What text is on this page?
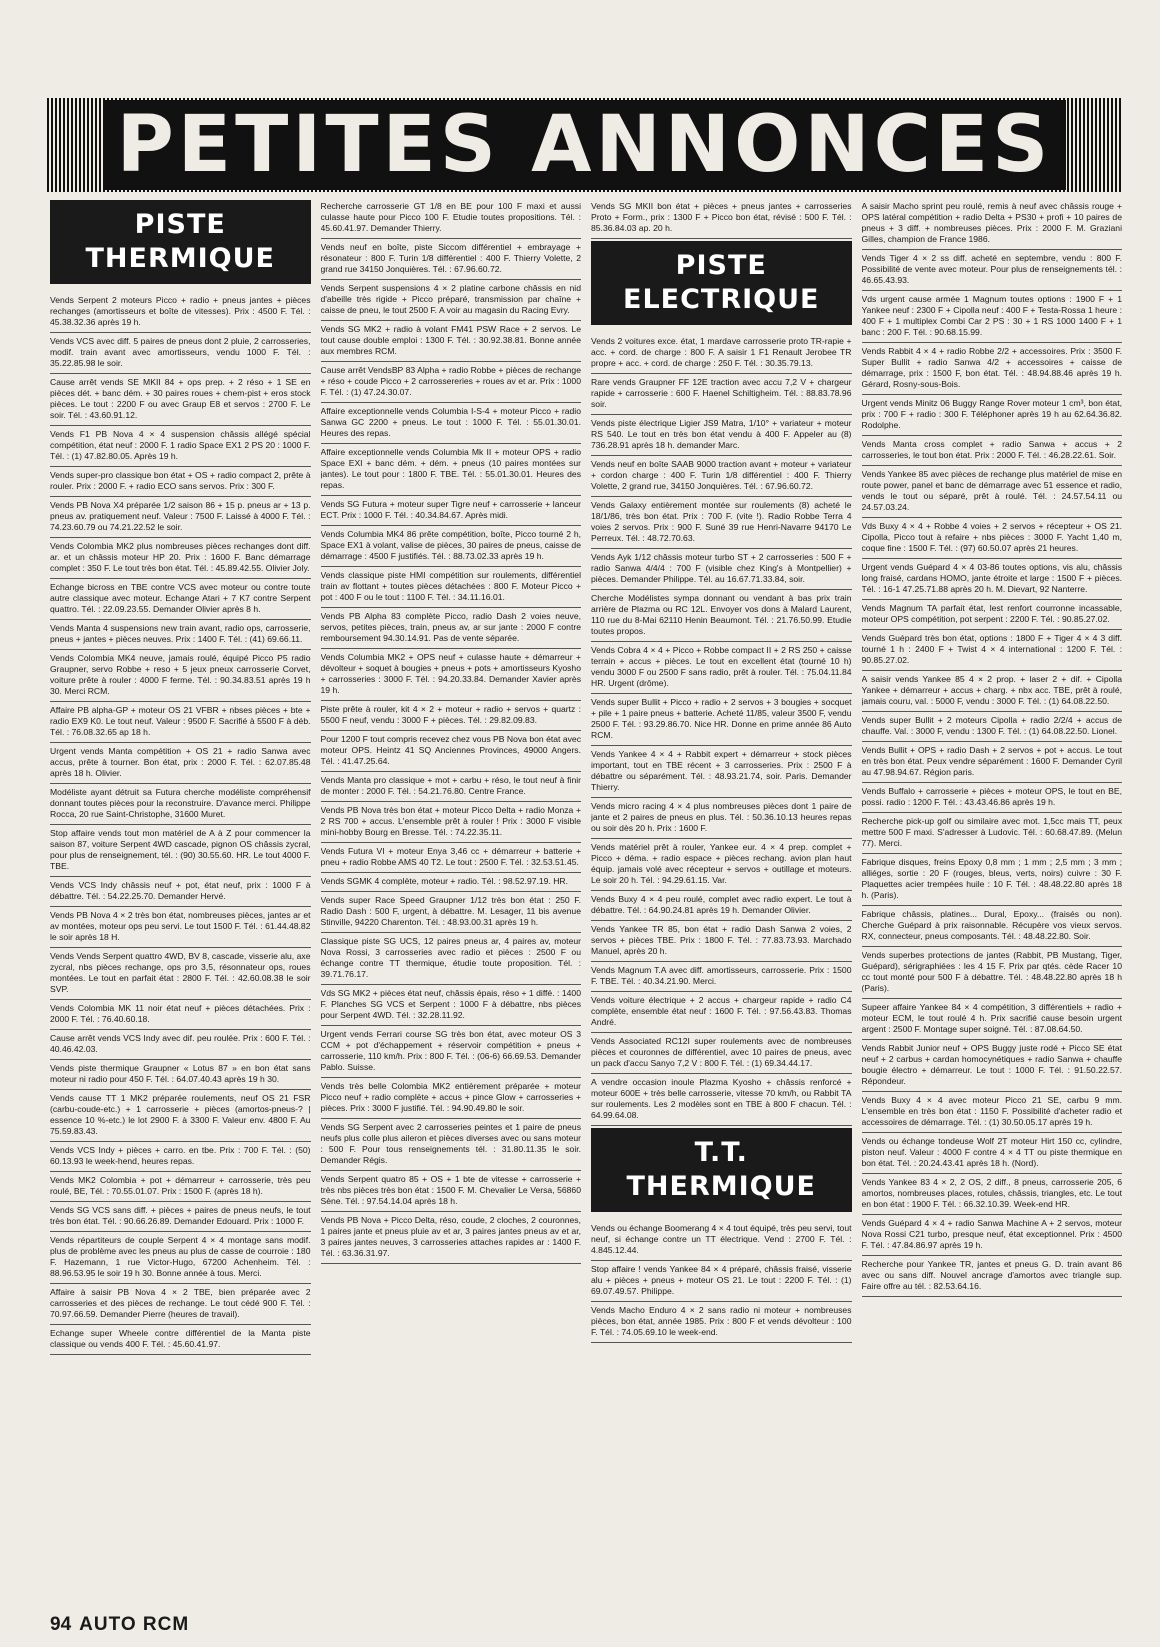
PETITES ANNONCES
PISTE THERMIQUE
Vends Serpent 2 moteurs Picco + radio + pneus jantes + pièces rechanges (amortisseurs et boîte de vitesses). Prix : 4500 F. Tél. : 45.38.32.36 après 19 h.
Vends VCS avec diff. 5 paires de pneus dont 2 pluie, 2 carrosseries, modif. train avant avec amortisseurs, vendu 1000 F. Tél. : 35.22.85.98 le soir.
Cause arrêt vends SE MKII 84 + ops prep. + 2 réso + 1 SE en pièces dét. + banc dém. + 30 paires roues + chem-pist + eros stock pièces. Le tout : 2200 F ou avec Graup E8 et servos : 2700 F. Le soir. Tél. : 43.60.91.12.
Vends F1 PB Nova 4 × 4 suspension châssis allégé spécial compétition, état neuf : 2000 F. 1 radio Space EX1 2 PS 20 : 1000 F. Tél. : (1) 47.82.80.05. Après 19 h.
Vends super-pro classique bon état + OS + radio compact 2, prête à rouler. Prix : 2000 F. + radio ECO sans servos. Prix : 300 F.
Vends PB Nova X4 préparée 1/2 saison 86 + 15 p. pneus ar + 13 p. pneus av. pratiquement neuf. Valeur : 7500 F. Laissé à 4000 F. Tél. : 74.23.60.79 ou 74.21.22.52 le soir.
Vends Colombia MK2 plus nombreuses pièces rechanges dont diff. ar. et un châssis moteur HP 20. Prix : 1600 F. Banc démarrage complet : 350 F. Le tout très bon état. Tél. : 45.89.42.55. Olivier Joly.
Echange bicross en TBE contre VCS avec moteur ou contre toute autre classique avec moteur. Echange Atari + 7 K7 contre Serpent quattro. Tél. : 22.09.23.55. Demander Olivier après 8 h.
Vends Manta 4 suspensions new train avant, radio ops, carrosserie, pneus + jantes + pièces neuves. Prix : 1400 F. Tél. : (41) 69.66.11.
Vends Colombia MK4 neuve, jamais roulé, équipé Picco P5 radio Graupner, servo Robbe + reso + 5 jeux pneux carrosserie Corvet, voiture prête à rouler : 4000 F ferme. Tél. : 90.34.83.51 après 19 h 30. Merci RCM.
Affaire PB alpha-GP + moteur OS 21 VFBR + nbses pièces + bte + radio EX9 K0. Le tout neuf. Valeur : 9500 F. Sacrifié à 5500 F à déb. Tél. : 76.08.32.65 ap 18 h.
Urgent vends Manta compétition + OS 21 + radio Sanwa avec accus, prête à tourner. Bon état, prix : 2000 F. Tél. : 62.07.85.48 après 18 h. Olivier.
Modéliste ayant détruit sa Futura cherche modéliste compréhensif donnant toutes pièces pour la reconstruire. D'avance merci. Philippe Rocca, 20 rue Saint-Christophe, 31600 Muret.
Stop affaire vends tout mon matériel de A à Z pour commencer la saison 87, voiture Serpent 4WD cascade, pignon OS châssis zycral, pour plus de renseignement, tél. : (90) 30.55.60. HR. Le tout 4000 F. TBE.
Vends VCS Indy châssis neuf + pot, état neuf, prix : 1000 F à débattre. Tél. : 54.22.25.70. Demander Hervé.
Vends PB Nova 4 × 2 très bon état, nombreuses pièces, jantes ar et av montées, moteur ops peu servi. Le tout 1500 F. Tél. : 61.44.48.82 le soir après 18 H.
Vends Vends Serpent quattro 4WD, BV 8, cascade, visserie alu, axe zycral, nbs pièces rechange, ops pro 3,5, résonnateur ops, roues montées. Le tout en parfait état : 2800 F. Tél. : 42.60.08.38 le soir SVP.
Vends Colombia MK 11 noir état neuf + pièces détachées. Prix : 2000 F. Tél. : 76.40.60.18.
Cause arrêt vends VCS Indy avec dif. peu roulée. Prix : 600 F. Tél. : 40.46.42.03.
Vends piste thermique Graupner « Lotus 87 » en bon état sans moteur ni radio pour 450 F. Tél. : 64.07.40.43 après 19 h 30.
Vends cause TT 1 MK2 préparée roulements, neuf OS 21 FSR (carbu-coude-etc.) + 1 carrosserie + pièces (amortos-pneus-? | essence 10 %-etc.) le lot 2900 F. à 3300 F. Valeur env. 4800 F. Au 75.59.83.43.
Vends VCS Indy + pièces + carro. en tbe. Prix : 700 F. Tél. : (50) 60.13.93 le week-hend, heures repas.
Vends MK2 Colombia + pot + démarreur + carrosserie, très peu roulé, BE, Tél. : 70.55.01.07. Prix : 1500 F. (après 18 h).
Vends SG VCS sans diff. + pièces + paires de pneus neufs, le tout très bon état. Tél. : 90.66.26.89. Demander Edouard. Prix : 1000 F.
Vends répartiteurs de couple Serpent 4 × 4 montage sans modif. plus de problème avec les pneus au plus de casse de courroie : 180 F. Hazemann, 1 rue Victor-Hugo, 67200 Achenheim. Tél. : 88.96.53.95 le soir 19 h 30. Bonne année à tous. Merci.
Affaire à saisir PB Nova 4 × 2 TBE, bien préparée avec 2 carrosseries et des pièces de rechange. Le tout cédé 900 F. Tél. : 70.97.66.59. Demander Pierre (heures de travail).
Echange super Wheele contre différentiel de la Manta piste classique ou vends 400 F. Tél. : 45.60.41.97.
Recherche carrosserie GT 1/8 en BE pour 100 F maxi et aussi culasse haute pour Picco 100 F. Etudie toutes propositions. Tél. : 45.60.41.97. Demander Thierry.
Vends neuf en boîte, piste Siccom différentiel + embrayage + résonateur : 800 F. Turin 1/8 différentiel : 400 F. Thierry Volette, 2 grand rue 34150 Jonquières. Tél. : 67.96.60.72.
Vends Serpent suspensions 4 × 2 platine carbone châssis en nid d'abeille très rigide + Picco préparé, transmission par chaîne + caisse de pneu, le tout 2500 F. A voir au magasin du Racing Evry.
Vends SG MK2 + radio à volant FM41 PSW Race + 2 servos. Le tout cause double emploi : 1300 F. Tél. : 30.92.38.81. Bonne année aux membres RCM.
Cause arrêt VendsBP 83 Alpha + radio Robbe + pièces de rechange + réso + coude Picco + 2 carrossereries + roues av et ar. Prix : 1000 F. Tél. : (1) 47.24.30.07.
Affaire exceptionnelle vends Columbia I-S-4 + moteur Picco + radio Sanwa GC 2200 + pneus. Le tout : 1000 F. Tél. : 55.01.30.01. Heures des repas.
Affaire exceptionnelle vends Columbia Mk II + moteur OPS + radio Space EXI + banc dém. + dém. + pneus (10 paires montées sur jantes). Le tout pour : 1800 F. TBE. Tél. : 55.01.30.01. Heures des repas.
Vends SG Futura + moteur super Tigre neuf + carrosserie + lanceur ECT. Prix : 1000 F. Tél. : 40.34.84.67. Après midi.
Vends Columbia MK4 86 prête compétition, boîte, Picco tourné 2 h, Space EX1 à volant, valise de pièces, 30 paires de pneus, caisse de démarrage : 4500 F justifiés. Tél. : 88.73.02.33 après 19 h.
Vends classique piste HMI compétition sur roulements, différentiel train av flottant + toutes pièces détachées : 800 F. Moteur Picco + pot : 400 F ou le tout : 1100 F. Tél. : 34.11.16.01.
Vends PB Alpha 83 complète Picco, radio Dash 2 voies neuve, servos, petites pièces, train, pneus av, ar sur jante : 2000 F contre remboursement 94.30.14.91. Pas de vente séparée.
Vends Columbia MK2 + OPS neuf + culasse haute + démarreur + dévolteur + soquet à bougies + pneus + pots + amortisseurs Kyosho + carrosseries : 3000 F. Tél. : 94.20.33.84. Demander Xavier après 19 h.
Piste prête à rouler, kit 4 × 2 + moteur + radio + servos + quartz : 5500 F neuf, vendu : 3000 F + pièces. Tél. : 29.82.09.83.
Pour 1200 F tout compris recevez chez vous PB Nova bon état avec moteur OPS. Heintz 41 SQ Anciennes Provinces, 49000 Angers. Tél. : 41.47.25.64.
Vends Manta pro classique + mot + carbu + réso, le tout neuf à finir de monter : 2000 F. Tél. : 54.21.76.80. Centre France.
Vends PB Nova très bon état + moteur Picco Delta + radio Monza + 2 RS 700 + accus. L'ensemble prêt à rouler ! Prix : 3000 F visible mini-hobby Bourg en Bresse. Tél. : 74.22.35.11.
Vends Futura VI + moteur Enya 3,46 cc + démarreur + batterie + pneu + radio Robbe AMS 40 T2. Le tout : 2500 F. Tél. : 32.53.51.45.
Vends SGMK 4 complète, moteur + radio. Tél. : 98.52.97.19. HR.
Vends super Race Speed Graupner 1/12 très bon état : 250 F. Radio Dash : 500 F, urgent, à débattre. M. Lesager, 11 bis avenue Stinville, 94220 Charenton. Tél. : 48.93.00.31 après 19 h.
Classique piste SG UCS, 12 paires pneus ar, 4 paires av, moteur Nova Rossi, 3 carrosseries avec radio et pièces : 2500 F ou échange contre TT thermique, étudie toute proposition. Tél. : 39.71.76.17.
Vds SG MK2 + pièces état neuf, châssis épais, réso + 1 diffé. : 1400 F. Planches SG VCS et Serpent : 1000 F à débattre, nbs pièces pour Serpent 4WD. Tél. : 32.28.11.92.
Urgent vends Ferrari course SG très bon état, avec moteur OS 3 CCM + pot d'échappement + réservoir compétition + pneus + carrosserie, 110 km/h. Prix : 800 F. Tél. : (06-6) 66.69.53. Demander Pablo. Suisse.
Vends très belle Colombia MK2 entièrement préparée + moteur Picco neuf + radio complète + accus + pince Glow + carrosseries + pièces. Prix : 3000 F justifié. Tél. : 94.90.49.80 le soir.
Vends SG Serpent avec 2 carrosseries peintes et 1 paire de pneus neufs plus colle plus aileron et pièces diverses avec ou sans moteur : 500 F. Pour tous renseignements tél. : 31.80.11.35 le soir. Demander Régis.
Vends Serpent quatro 85 + OS + 1 bte de vitesse + carrosserie + très nbs pièces très bon état : 1500 F. M. Chevalier Le Versa, 56860 Sène. Tél. : 97.54.14.04 après 18 h.
Vends PB Nova + Picco Delta, réso, coude, 2 cloches, 2 couronnes, 1 paires jante et pneus pluie av et ar, 3 paires jantes pneus av et ar, 3 paires jantes neuves, 3 carrosseries attaches rapides ar : 1400 F. Tél. : 63.36.31.97.
Vends SG MKII bon état + pièces + pneus jantes + carrosseries Proto + Form., prix : 1300 F + Picco bon état, révisé : 500 F. Tél. : 85.36.84.03 ap. 20 h.
PISTE ELECTRIQUE
Vends 2 voitures exce. état, 1 mardave carrosserie proto TR-rapie + acc. + cord. de charge : 800 F. A saisir 1 F1 Renault Jerobee TR propre + acc. + cord. de charge : 250 F. Tél. : 30.35.79.13.
Rare vends Graupner FF 12E traction avec accu 7,2 V + chargeur rapide + carrosserie : 600 F. Haenel Schiltigheim. Tél. : 88.83.78.96 soir.
Vends piste électrique Ligier JS9 Matra, 1/10° + variateur + moteur RS 540. Le tout en très bon état vendu à 400 F. Appeler au (8) 736.28.91 après 18 h. demander Marc.
Vends neuf en boîte SAAB 9000 traction avant + moteur + variateur + cordon charge : 400 F. Turin 1/8 différentiel : 400 F. Thierry Volette, 2 grand rue, 34150 Jonquières. Tél. : 67.96.60.72.
Vends Galaxy entièrement montée sur roulements (8) acheté le 18/1/86, très bon état. Prix : 700 F. (vite !). Radio Robbe Terra 4 voies 2 servos. Prix : 900 F. Suné 39 rue Henri-Navarre 94170 Le Perreux. Tél. : 48.72.70.63.
Vends Ayk 1/12 châssis moteur turbo ST + 2 carrosseries : 500 F + radio Sanwa 4/4/4 : 700 F (visible chez King's à Montpellier) + pièces. Demander Philippe. Tél. au 16.67.71.33.84, soir.
Cherche Modélistes sympa donnant ou vendant à bas prix train arrière de Plazma ou RC 12L. Envoyer vos dons à Malard Laurent, 110 rue du 8-Mai 62110 Henin Beaumont. Tél. : 21.76.50.99. Etudie toutes propos.
Vends Cobra 4 × 4 + Picco + Robbe compact II + 2 RS 250 + caisse terrain + accus + pièces. Le tout en excellent état (tourné 10 h) vendu 3000 F ou 2500 F sans radio, prêt à rouler. Tél. : 75.04.11.84 HR. Urgent (drôme).
Vends super Bullit + Picco + radio + 2 servos + 3 bougies + socquet + pile + 1 paire pneus + batterie. Acheté 11/85, valeur 3500 F, vendu 2500 F. Tél. : 93.29.86.70. Nice HR. Donne en prime année 86 Auto RCM.
Vends Yankee 4 × 4 + Rabbit expert + démarreur + stock pièces important, tout en TBE récent + 3 carrosseries. Prix : 2500 F à débattre ou séparément. Tél. : 48.93.21.74, soir. Paris. Demander Thierry.
Vends micro racing 4 × 4 plus nombreuses pièces dont 1 paire de jante et 2 paires de pneus en plus. Tél. : 50.36.10.13 heures repas ou soir dès 20 h. Prix : 1600 F.
Vends matériel prêt à rouler, Yankee eur. 4 × 4 prep. complet + Picco + déma. + radio espace + pièces rechang. avion plan haut équip. jamais volé avec récepteur + servos + outillage et moteurs. Le soir 20 h. Tél. : 94.29.61.15. Var.
Vends Buxy 4 × 4 peu roulé, complet avec radio expert. Le tout à débattre. Tél. : 64.90.24.81 après 19 h. Demander Olivier.
Vends Yankee TR 85, bon état + radio Dash Sanwa 2 voies, 2 servos + pièces TBE. Prix : 1800 F. Tél. : 77.83.73.93. Marchado Manuel, après 20 h.
Vends Magnum T.A avec diff. amortisseurs, carrosserie. Prix : 1500 F. TBE. Tél. : 40.34.21.90. Merci.
Vends voiture électrique + 2 accus + chargeur rapide + radio C4 complète, ensemble état neuf : 1600 F. Tél. : 97.56.43.83. Thomas André.
Vends Associated RC12I super roulements avec de nombreuses pièces et couronnes de différentiel, avec 10 paires de pneus, avec un pack d'accu Sanyo 7,2 V : 800 F. Tél. : (1) 69.34.44.17.
A vendre occasion inoule Plazma Kyosho + châssis renforcé + moteur 600E + très belle carrosserie, vitesse 70 km/h, ou Rabbit TA sur roulements. Les 2 modèles sont en TBE à 800 F chacun. Tél. : 64.99.64.08.
T.T. THERMIQUE
Vends ou échange Boomerang 4 × 4 tout équipé, très peu servi, tout neuf, si échange contre un TT électrique. Vend : 2700 F. Tél. : 4.845.12.44.
Stop affaire ! vends Yankee 84 × 4 préparé, châssis fraisé, visserie alu + pièces + pneus + moteur OS 21. Le tout : 2200 F. Tél. : (1) 69.07.49.57. Philippe.
Vends Macho Enduro 4 × 2 sans radio ni moteur + nombreuses pièces, bon état, année 1985. Prix : 800 F et vends dévolteur : 100 F. Tél. : 74.05.69.10 le week-end.
A saisir Macho sprint peu roulé, remis à neuf avec châssis rouge + OPS latéral compétition + radio Delta + PS30 + profi + 10 paires de pneus + 3 diff. + nombreuses pièces. Prix : 2000 F. M. Graziani Gilles, champion de France 1986.
Vends Tiger 4 × 2 ss diff. acheté en septembre, vendu : 800 F. Possibilité de vente avec moteur. Pour plus de renseignements tél. : 46.65.43.93.
Vds urgent cause armée 1 Magnum toutes options : 1900 F + 1 Yankee neuf : 2300 F + Cipolla neuf : 400 F + Testa-Rossa 1 heure : 400 F + 1 multiplex Combi Car 2 PS : 30 + 1 RS 1000 1400 F + 1 banc : 200 F. Tél. : 90.68.15.99.
Vends Rabbit 4 × 4 + radio Robbe 2/2 + accessoires. Prix : 3500 F. Super Bullit + radio Sanwa 4/2 + accessoires + caisse de démarrage, prix : 1500 F, bon état. Tél. : 48.94.88.46 après 19 h. Gérard, Rosny-sous-Bois.
Urgent vends Minitz 06 Buggy Range Rover moteur 1 cm³, bon état, prix : 700 F + radio : 300 F. Téléphoner après 19 h au 62.64.36.82. Rodolphe.
Vends Manta cross complet + radio Sanwa + accus + 2 carrosseries, le tout bon état. Prix : 2000 F. Tél. : 46.28.22.61. Soir.
Vends Yankee 85 avec pièces de rechange plus matériel de mise en route power, panel et banc de démarrage avec 51 essence et radio, vends le tout ou séparé, prêt à roulé. Tél. : 24.57.54.11 ou 24.57.03.24.
Vds Buxy 4 × 4 + Robbe 4 voies + 2 servos + récepteur + OS 21. Cipolla, Picco tout à refaire + nbs pièces : 3000 F. Yacht 1,40 m, coque fine : 1500 F. Tél. : (97) 60.50.07 après 21 heures.
Urgent vends Guépard 4 × 4 03-86 toutes options, vis alu, châssis long fraisé, cardans HOMO, jante étroite et large : 1500 F + pièces. Tél. : 16-1 47.25.71.88 après 20 h. M. Dievart, 92 Nanterre.
Vends Magnum TA parfait état, lest renfort courronne incassable, moteur OPS compétition, pot serpent : 2200 F. Tél. : 90.85.27.02.
Vends Guépard très bon état, options : 1800 F + Tiger 4 × 4 3 diff. tourné 1 h : 2400 F + Twist 4 × 4 international : 1200 F. Tél. : 90.85.27.02.
A saisir vends Yankee 85 4 × 2 prop. + laser 2 + dif. + Cipolla Yankee + démarreur + accus + charg. + nbx acc. TBE, prêt à roulé, jamais couru, val. : 5000 F, vendu : 3000 F. Tél. : (1) 64.08.22.50.
Vends super Bullit + 2 moteurs Cipolla + radio 2/2/4 + accus de chauffe. Val. : 3000 F, vendu : 1300 F. Tél. : (1) 64.08.22.50. Lionel.
Vends Bullit + OPS + radio Dash + 2 servos + pot + accus. Le tout en très bon état. Peux vendre séparément : 1600 F. Demander Cyril au 47.98.94.67. Région paris.
Vends Buffalo + carrosserie + pièces + moteur OPS, le tout en BE, possi. radio : 1200 F. Tél. : 43.43.46.86 après 19 h.
Recherche pick-up golf ou similaire avec mot. 1,5cc mais TT, peux mettre 500 F maxi. S'adresser à Ludovic. Tél. : 60.68.47.89. (Melun 77). Merci.
Fabrique disques, freins Epoxy 0,8 mm ; 1 mm ; 2,5 mm ; 3 mm ; alliéges, sortie : 20 F (rouges, bleus, verts, noirs) cuivre : 30 F. Plaquettes acier trempées huile : 10 F. Tél. : 48.48.22.80 après 18 h. (Paris).
Fabrique châssis, platines... Dural, Epoxy... (fraisés ou non). Cherche Guépard à prix raisonnable. Récupère vos vieux servos. RX, connecteur, pneus composants. Tél. : 48.48.22.80. Soir.
Vends superbes protections de jantes (Rabbit, PB Mustang, Tiger, Guépard), sérigraphiées : les 4 15 F. Prix par qtés. cède Racer 10 cc tout monté pour 500 F à débattre. Tél. : 48.48.22.80 après 18 h (Paris).
Supeer affaire Yankee 84 × 4 compétition, 3 différentiels + radio + moteur ECM, le tout roulé 4 h. Prix sacrifié cause besoin urgent argent : 2500 F. Montage super soigné. Tél. : 87.08.64.50.
Vends Rabbit Junior neuf + OPS Buggy juste rodé + Picco SE état neuf + 2 carbus + cardan homocynétiques + radio Sanwa + chauffe bougie électro + démarreur. Le tout : 1000 F. Tél. : 91.50.22.57. Répondeur.
Vends Buxy 4 × 4 avec moteur Picco 21 SE, carbu 9 mm. L'ensemble en très bon état : 1150 F. Possibilité d'acheter radio et accessoires de démarrage. Tél. : (1) 30.50.05.17 après 19 h.
Vends ou échange tondeuse Wolf 2T moteur Hirt 150 cc, cylindre, piston neuf. Valeur : 4000 F contre 4 × 4 TT ou piste thermique en bon état. Tél. : 20.24.43.41 après 18 h. (Nord).
Vends Yankee 83 4 × 2, 2 OS, 2 diff., 8 pneus, carrosserie 205, 6 amortos, nombreuses places, rotules, châssis, triangles, etc. Le tout en bon état : 1900 F. Tél. : 66.32.10.39. Week-end HR.
Vends Guépard 4 × 4 + radio Sanwa Machine A + 2 servos, moteur Nova Rossi C21 turbo, presque neuf, état exceptionnel. Prix : 4500 F. Tél. : 47.84.86.97 après 19 h.
Recherche pour Yankee TR, jantes et pneus G. D. train avant 86 avec ou sans diff. Nouvel ancrage d'amortos avec triangle sup. Faire offre au tél. : 82.53.64.16.
94 AUTO RCM
